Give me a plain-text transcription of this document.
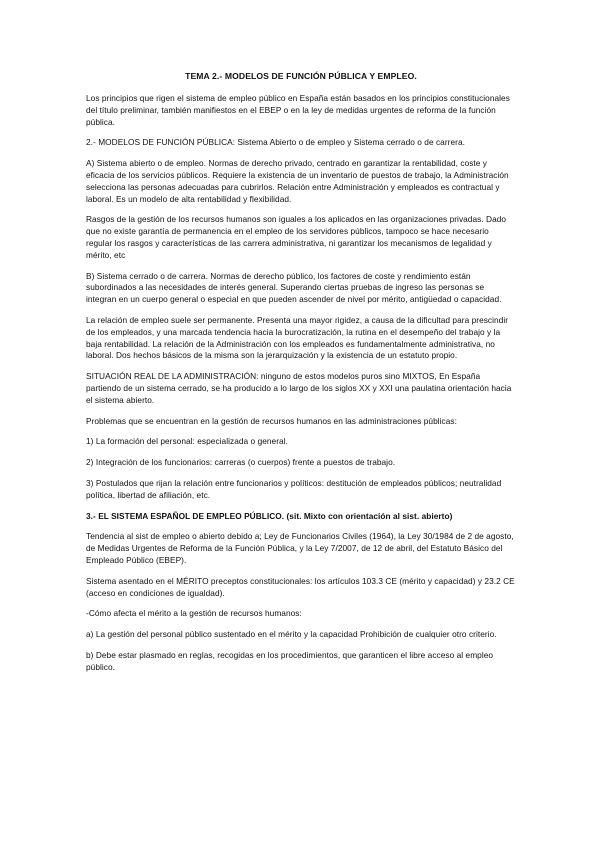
TEMA 2.- MODELOS DE FUNCIÓN PÚBLICA Y EMPLEO.

Los principios que rigen el sistema de empleo público en España están basados en los principios constitucionales del título preliminar, también manifiestos en el EBEP o en la ley de medidas urgentes de reforma de la función pública.

2.- MODELOS DE FUNCIÓN PÚBLICA: Sistema Abierto o de empleo y Sistema cerrado o de carrera.

A) Sistema abierto o de empleo. Normas de derecho privado, centrado en garantizar la rentabilidad, coste y eficacia de los servicios públicos. Requiere la existencia de un inventario de puestos de trabajo, la Administración selecciona las personas adecuadas para cubrirlos. Relación entre Administración y empleados es contractual y laboral. Es un modelo de alta rentabilidad y flexibilidad.

Rasgos de la gestión de los recursos humanos son iguales a los aplicados en las organizaciones privadas. Dado que no existe garantía de permanencia en el empleo de los servidores públicos, tampoco se hace necesario regular los rasgos y características de las carrera administrativa, ni garantizar los mecanismos de legalidad y mérito, etc

B) Sistema cerrado o de carrera. Normas de derecho público, los factores de coste y rendimiento están subordinados a las necesidades de interés general. Superando ciertas pruebas de ingreso las personas se integran en un cuerpo general o especial en que pueden ascender de nivel por mérito, antigüedad o capacidad.

La relación de empleo suele ser permanente. Presenta una mayor rigidez, a causa de la dificultad para prescindir de los empleados, y una marcada tendencia hacia la burocratización, la rutina en el desempeño del trabajo y la baja rentabilidad. La relación de la Administración con los empleados es fundamentalmente administrativa, no laboral. Dos hechos básicos de la misma son la jerarquización y la existencia de un estatuto propio.

SITUACIÓN REAL DE LA ADMINISTRACIÓN: ninguno de estos modelos puros sino MIXTOS, En España partiendo de un sistema cerrado, se ha producido a lo largo de los siglos XX y XXI una paulatina orientación hacia el sistema abierto.

Problemas que se encuentran en la gestión de recursos humanos en las administraciones públicas:

1) La formación del personal: especializada o general.

2) Integración de los funcionarios: carreras (o cuerpos) frente a puestos de trabajo.

3) Postulados que rijan la relación entre funcionarios y políticos: destitución de empleados públicos; neutralidad política, libertad de afiliación, etc.

3.- EL SISTEMA ESPAÑOL DE EMPLEO PÚBLICO. (sit. Mixto con orientación al sist. abierto)

Tendencia al sist de empleo o abierto debido a; Ley de Funcionarios Civiles (1964), la Ley 30/1984 de 2 de agosto, de Medidas Urgentes de Reforma de la Función Pública, y la Ley 7/2007, de 12 de abril, del Estatuto Básico del Empleado Público (EBEP).

Sistema asentado en el MÉRITO preceptos constitucionales: los artículos 103.3 CE (mérito y capacidad) y 23.2 CE (acceso en condiciones de igualdad).

-Cómo afecta el mérito a la gestión de recursos humanos:

a) La gestión del personal público sustentado en el mérito y la capacidad Prohibición de cualquier otro criterio.

b) Debe estar plasmado en reglas, recogidas en los procedimientos, que garanticen el libre acceso al empleo público.
